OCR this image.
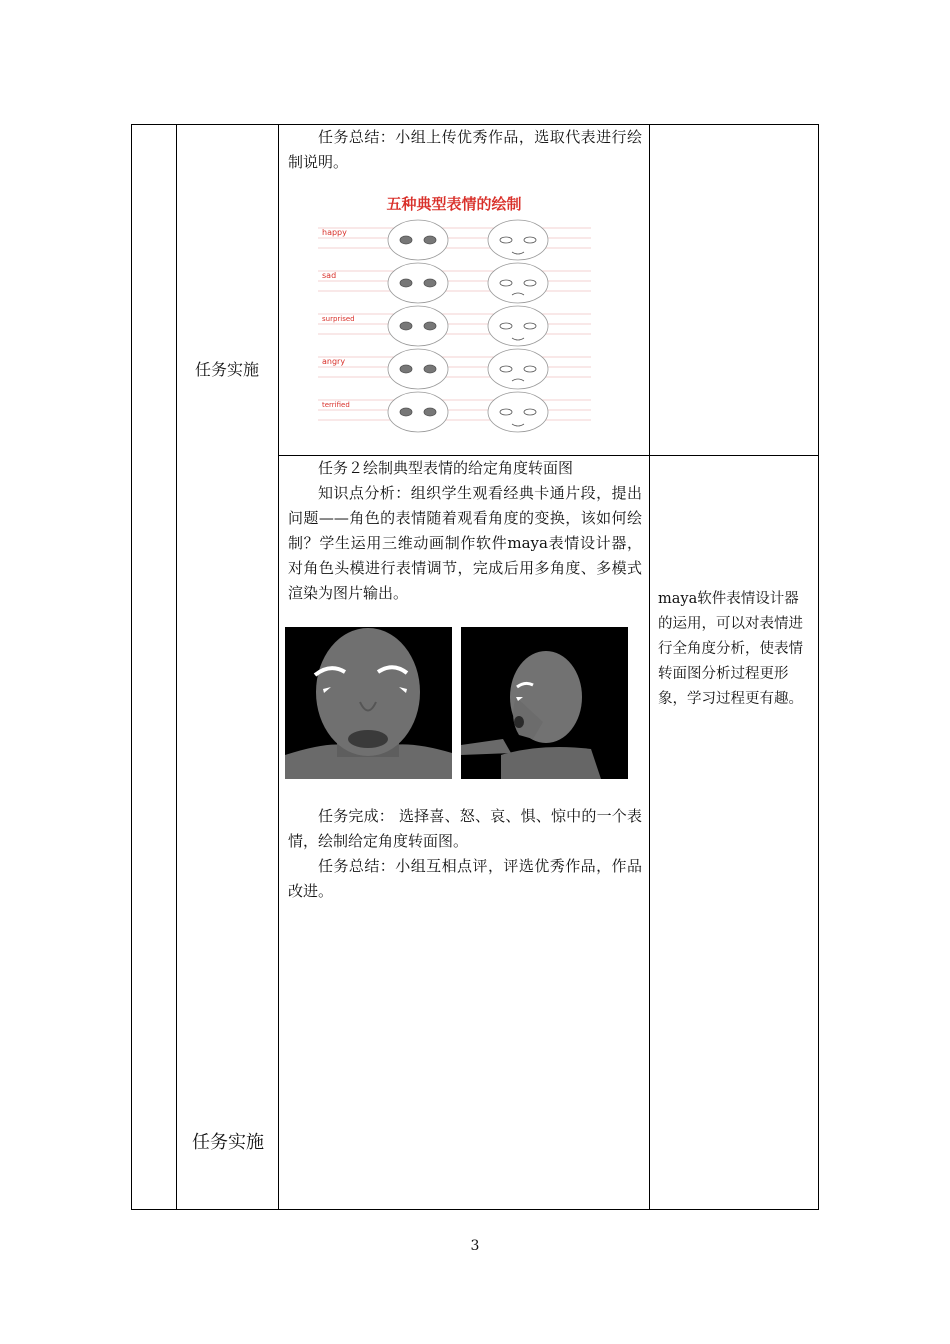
任务实施
任务实施

任务总结：小组上传优秀作品，选取代表进行绘制说明。

五种典型表情的绘制
happy
sad
surprised
angry
terrified

任务２绘制典型表情的给定角度转面图

知识点分析：组织学生观看经典卡通片段，提出问题——角色的表情随着观看角度的变换，该如何绘制？学生运用三维动画制作软件maya表情设计器，对角色头模进行表情调节，完成后用多角度、多模式渲染为图片输出。

任务完成： 选择喜、怒、哀、惧、惊中的一个表情，绘制给定角度转面图。

任务总结：小组互相点评，评选优秀作品，作品改进。

maya软件表情设计器的运用，可以对表情进行全角度分析，使表情转面图分析过程更形象，学习过程更有趣。
3
